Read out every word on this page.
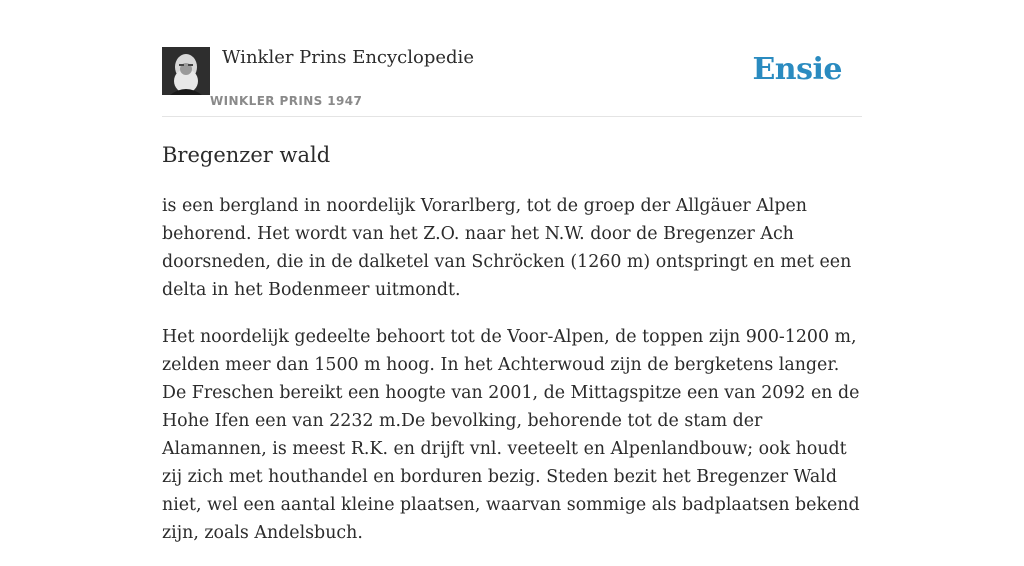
Winkler Prins Encyclopedie
WINKLER PRINS 1947
Ensie
Bregenzer wald

is een bergland in noordelijk Vorarlberg, tot de groep der Allgäuer Alpen behorend. Het wordt van het Z.O. naar het N.W. door de Bregenzer Ach doorsneden, die in de dalketel van Schröcken (1260 m) ontspringt en met een delta in het Bodenmeer uitmondt.

Het noordelijk gedeelte behoort tot de Voor-Alpen, de toppen zijn 900-1200 m, zelden meer dan 1500 m hoog. In het Achterwoud zijn de bergketens langer. De Freschen bereikt een hoogte van 2001, de Mittagspitze een van 2092 en de Hohe Ifen een van 2232 m.De bevolking, behorende tot de stam der Alamannen, is meest R.K. en drijft vnl. veeteelt en Alpenlandbouw; ook houdt zij zich met houthandel en borduren bezig. Steden bezit het Bregenzer Wald niet, wel een aantal kleine plaatsen, waarvan sommige als badplaatsen bekend zijn, zoals Andelsbuch.
